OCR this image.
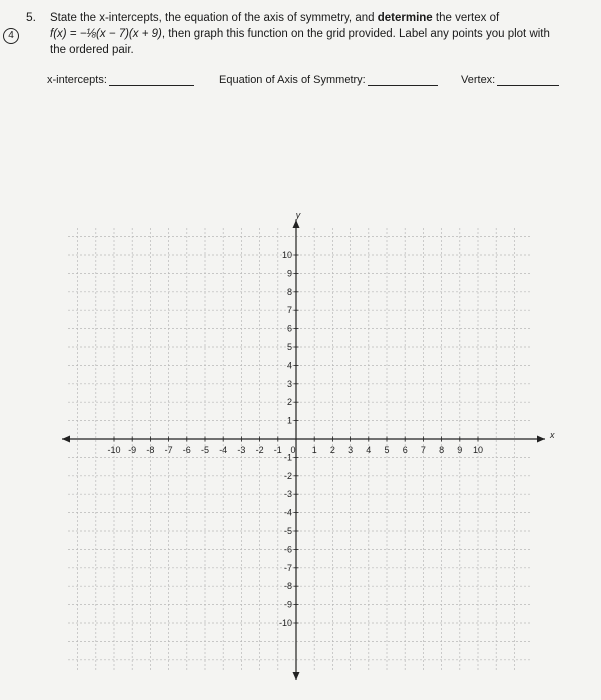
5.
4

State the x-intercepts, the equation of the axis of symmetry, and determine the vertex of

f(x) = −⅛(x − 7)(x + 9), then graph this function on the grid provided. Label any points you plot with

the ordered pair.

x-intercepts:	Equation of Axis of Symmetry:	Vertex:
x
y
-10 -9 -8 -7 -6 -5 -4 -3 -2 -1 0 1 2 3 4 5 6 7 8 9 10
1
2
3
4
5
6
7
8
9
10
-1
-2
-3
-4
-5
-6
-7
-8
-9
-10
